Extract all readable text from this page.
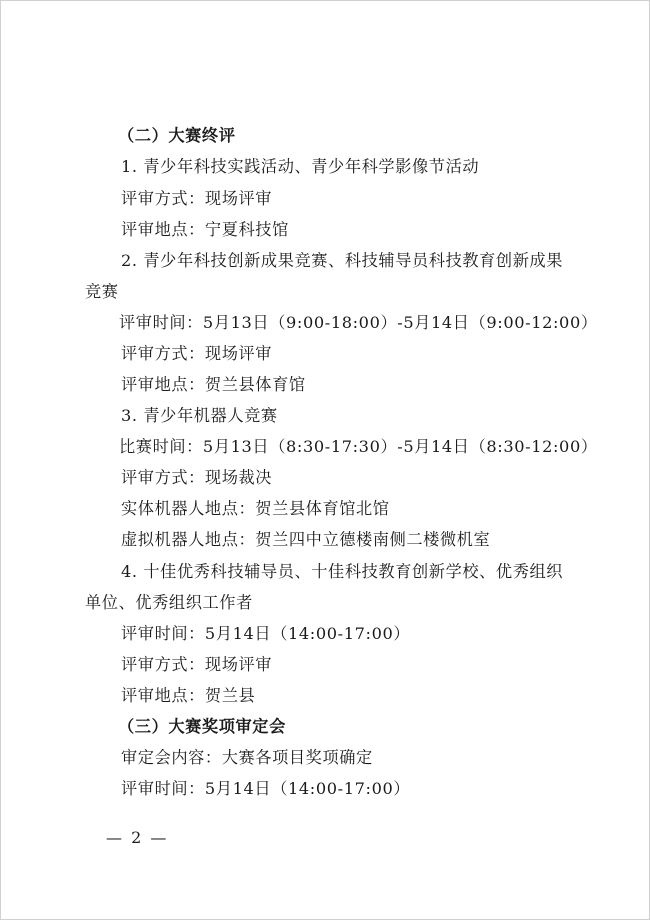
（二）大赛终评
1. 青少年科技实践活动、青少年科学影像节活动
评审方式：现场评审
评审地点：宁夏科技馆
2. 青少年科技创新成果竞赛、科技辅导员科技教育创新成果
竞赛
评审时间：5月13日（9:00-18:00）-5月14日（9:00-12:00）
评审方式：现场评审
评审地点：贺兰县体育馆
3. 青少年机器人竞赛
比赛时间：5月13日（8:30-17:30）-5月14日（8:30-12:00）
评审方式：现场裁决
实体机器人地点：贺兰县体育馆北馆
虚拟机器人地点：贺兰四中立德楼南侧二楼微机室
4. 十佳优秀科技辅导员、十佳科技教育创新学校、优秀组织
单位、优秀组织工作者
评审时间：5月14日（14:00-17:00）
评审方式：现场评审
评审地点：贺兰县
（三）大赛奖项审定会
审定会内容：大赛各项目奖项确定
评审时间：5月14日（14:00-17:00）
— 2 —
